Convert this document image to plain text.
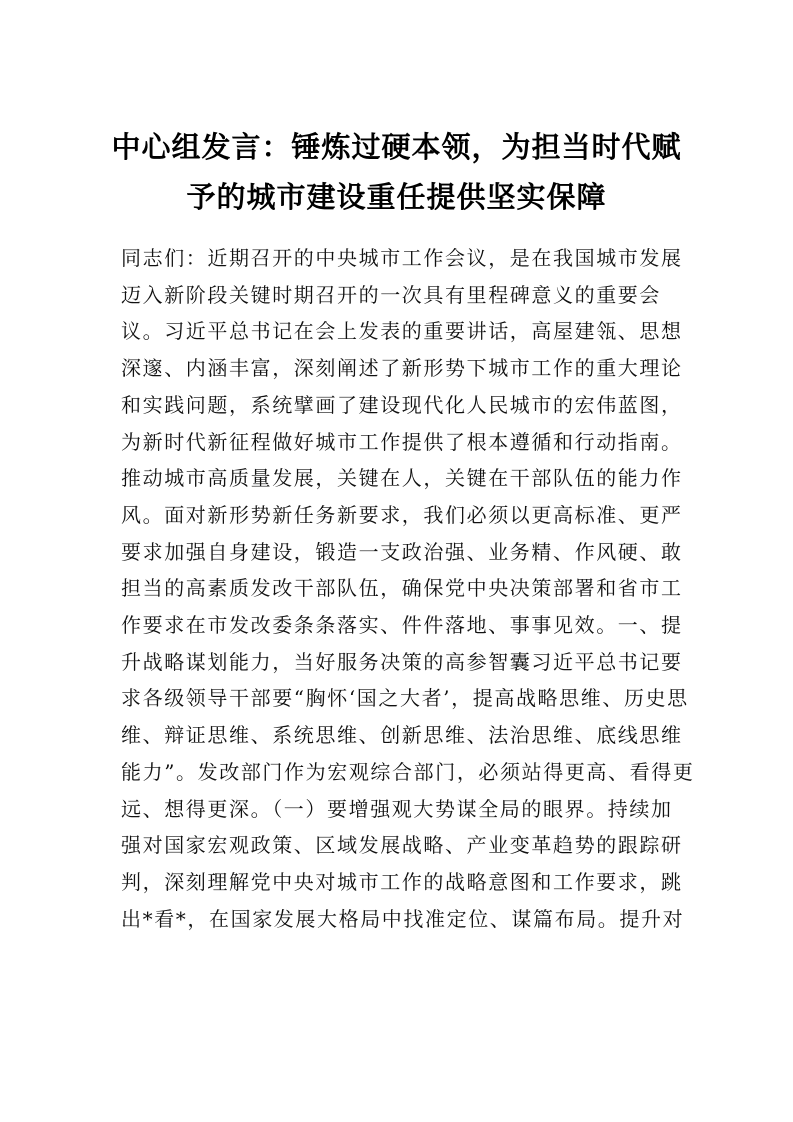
中心组发言：锤炼过硬本领，为担当时代赋
予的城市建设重任提供坚实保障
同志们：近期召开的中央城市工作会议，是在我国城市发展
迈入新阶段关键时期召开的一次具有里程碑意义的重要会
议。习近平总书记在会上发表的重要讲话，高屋建瓴、思想
深邃、内涵丰富，深刻阐述了新形势下城市工作的重大理论
和实践问题，系统擘画了建设现代化人民城市的宏伟蓝图，
为新时代新征程做好城市工作提供了根本遵循和行动指南。
推动城市高质量发展，关键在人，关键在干部队伍的能力作
风。面对新形势新任务新要求，我们必须以更高标准、更严
要求加强自身建设，锻造一支政治强、业务精、作风硬、敢
担当的高素质发改干部队伍，确保党中央决策部署和省市工
作要求在市发改委条条落实、件件落地、事事见效。一、提
升战略谋划能力，当好服务决策的高参智囊习近平总书记要
求各级领导干部要“胸怀‘国之大者’，提高战略思维、历史思
维、辩证思维、系统思维、创新思维、法治思维、底线思维
能力”。发改部门作为宏观综合部门，必须站得更高、看得更
远、想得更深。（一）要增强观大势谋全局的眼界。持续加
强对国家宏观政策、区域发展战略、产业变革趋势的跟踪研
判，深刻理解党中央对城市工作的战略意图和工作要求，跳
出*看*，在国家发展大格局中找准定位、谋篇布局。提升对
